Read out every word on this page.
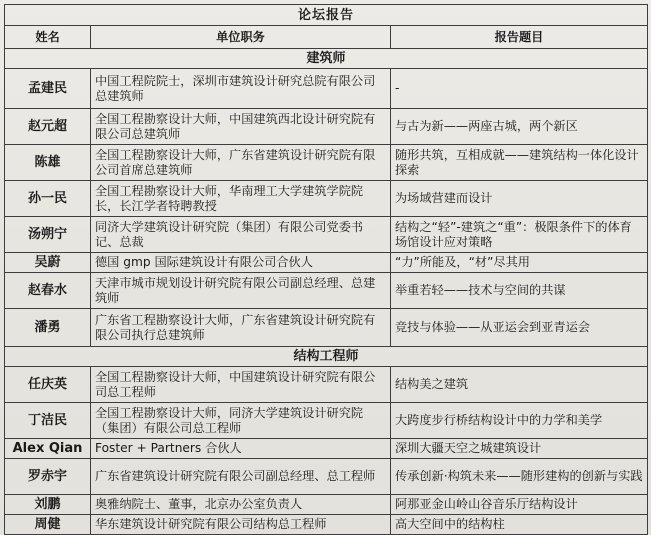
论坛报告		
姓名	单位职务	报告题目
建筑师		
孟建民	中国工程院院士，深圳市建筑设计研究总院有限公司总建筑师	-
赵元超	全国工程勘察设计大师，中国建筑西北设计研究院有限公司总建筑师	与古为新——两座古城，两个新区
陈雄	全国工程勘察设计大师，广东省建筑设计研究院有限公司首席总建筑师	随形共筑，互相成就——建筑结构一体化设计探索
孙一民	全国工程勘察设计大师，华南理工大学建筑学院院长，长江学者特聘教授	为场域营建而设计
汤朔宁	同济大学建筑设计研究院（集团）有限公司党委书记、总裁	结构之“轻”-建筑之“重”：极限条件下的体育场馆设计应对策略
吴蔚	德国 gmp 国际建筑设计有限公司合伙人	“力”所能及，“材”尽其用
赵春水	天津市城市规划设计研究院有限公司副总经理、总建筑师	举重若轻——技术与空间的共谋
潘勇	广东省工程勘察设计大师，广东省建筑设计研究院有限公司执行总建筑师	竞技与体验——从亚运会到亚青运会
结构工程师		
任庆英	全国工程勘察设计大师，中国建筑设计研究院有限公司总工程师	结构美之建筑
丁洁民	全国工程勘察设计大师，同济大学建筑设计研究院（集团）有限公司总工程师	大跨度步行桥结构设计中的力学和美学
Alex Qian	Foster + Partners 合伙人	深圳大疆天空之城建筑设计
罗赤宇	广东省建筑设计研究院有限公司副总经理、总工程师	传承创新·构筑未来——随形建构的创新与实践
刘鹏	奥雅纳院士、董事，北京办公室负责人	阿那亚金山岭山谷音乐厅结构设计
周健	华东建筑设计研究院有限公司结构总工程师	高大空间中的结构柱
